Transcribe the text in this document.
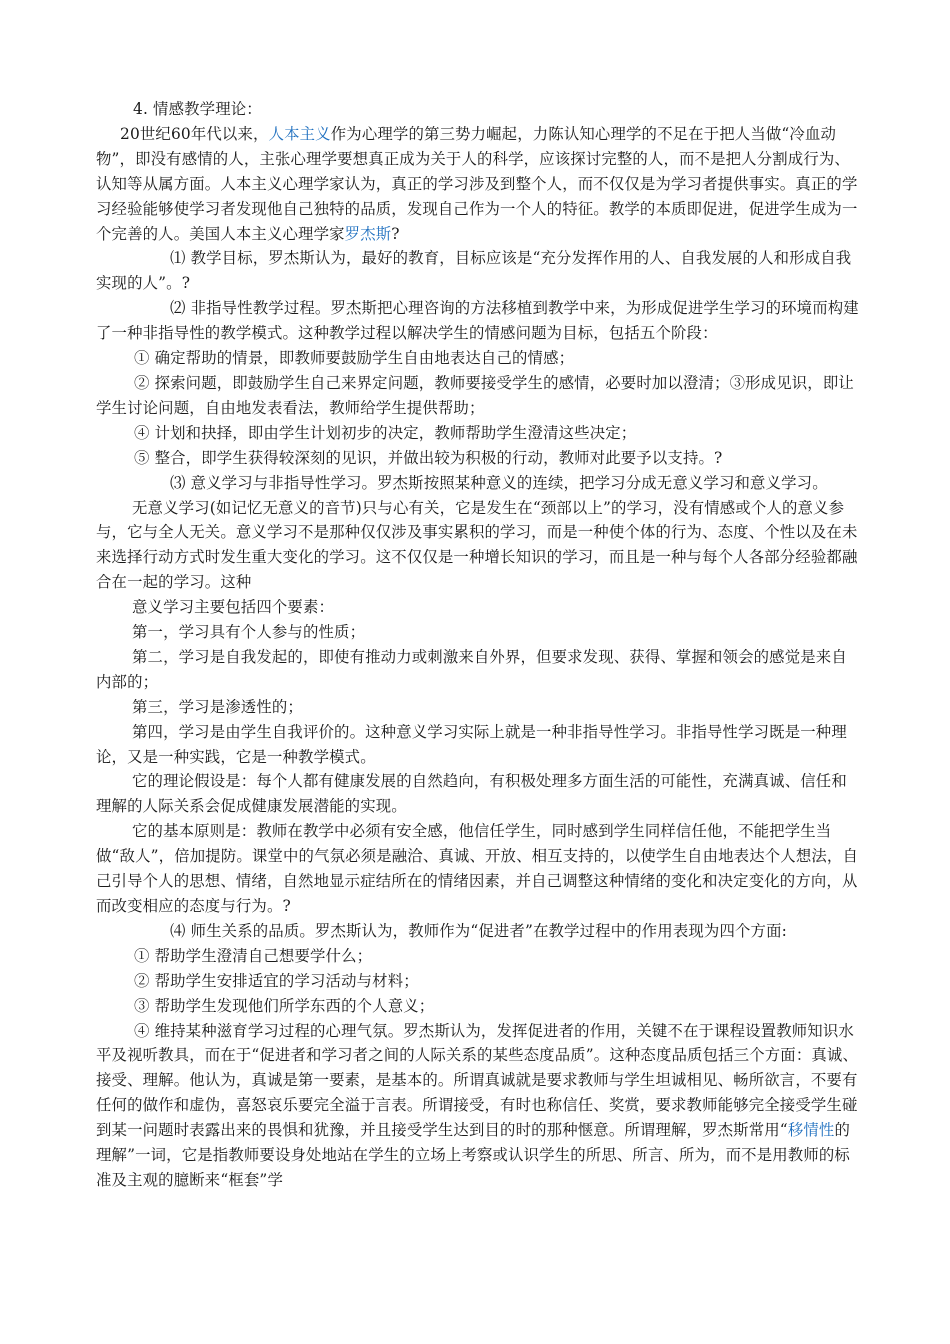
4. 情感教学理论：

20世纪60年代以来，人本主义作为心理学的第三势力崛起，力陈认知心理学的不足在于把人当做“冷血动物”，即没有感情的人，主张心理学要想真正成为关于人的科学，应该探讨完整的人，而不是把人分割成行为、认知等从属方面。人本主义心理学家认为，真正的学习涉及到整个人，而不仅仅是为学习者提供事实。真正的学习经验能够使学习者发现他自己独特的品质，发现自己作为一个人的特征。教学的本质即促进，促进学生成为一个完善的人。美国人本主义心理学家罗杰斯?

⑴ 教学目标，罗杰斯认为，最好的教育，目标应该是“充分发挥作用的人、自我发展的人和形成自我实现的人”。?

⑵ 非指导性教学过程。罗杰斯把心理咨询的方法移植到教学中来，为形成促进学生学习的环境而构建了一种非指导性的教学模式。这种教学过程以解决学生的情感问题为目标，包括五个阶段：

① 确定帮助的情景，即教师要鼓励学生自由地表达自己的情感；

② 探索问题，即鼓励学生自己来界定问题，教师要接受学生的感情，必要时加以澄清；③形成见识，即让学生讨论问题，自由地发表看法，教师给学生提供帮助；

④ 计划和抉择，即由学生计划初步的决定，教师帮助学生澄清这些决定；

⑤ 整合，即学生获得较深刻的见识，并做出较为积极的行动，教师对此要予以支持。?

⑶ 意义学习与非指导性学习。罗杰斯按照某种意义的连续，把学习分成无意义学习和意义学习。

无意义学习(如记忆无意义的音节)只与心有关，它是发生在“颈部以上”的学习，没有情感或个人的意义参与，它与全人无关。意义学习不是那种仅仅涉及事实累积的学习，而是一种使个体的行为、态度、个性以及在未来选择行动方式时发生重大变化的学习。这不仅仅是一种增长知识的学习，而且是一种与每个人各部分经验都融合在一起的学习。这种

意义学习主要包括四个要素：

第一，学习具有个人参与的性质；

第二，学习是自我发起的，即使有推动力或刺激来自外界，但要求发现、获得、掌握和领会的感觉是来自内部的；

第三，学习是渗透性的；

第四，学习是由学生自我评价的。这种意义学习实际上就是一种非指导性学习。非指导性学习既是一种理论，又是一种实践，它是一种教学模式。

它的理论假设是：每个人都有健康发展的自然趋向，有积极处理多方面生活的可能性，充满真诚、信任和理解的人际关系会促成健康发展潜能的实现。

它的基本原则是：教师在教学中必须有安全感，他信任学生，同时感到学生同样信任他，不能把学生当做“敌人”，倍加提防。课堂中的气氛必须是融洽、真诚、开放、相互支持的，以使学生自由地表达个人想法，自己引导个人的思想、情绪，自然地显示症结所在的情绪因素，并自己调整这种情绪的变化和决定变化的方向，从而改变相应的态度与行为。?

⑷ 师生关系的品质。罗杰斯认为，教师作为“促进者”在教学过程中的作用表现为四个方面:

① 帮助学生澄清自己想要学什么；

② 帮助学生安排适宜的学习活动与材料；

③ 帮助学生发现他们所学东西的个人意义；

④ 维持某种滋育学习过程的心理气氛。罗杰斯认为，发挥促进者的作用，关键不在于课程设置教师知识水平及视听教具，而在于“促进者和学习者之间的人际关系的某些态度品质”。这种态度品质包括三个方面：真诚、接受、理解。他认为，真诚是第一要素，是基本的。所谓真诚就是要求教师与学生坦诚相见、畅所欲言，不要有任何的做作和虚伪，喜怒哀乐要完全溢于言表。所谓接受，有时也称信任、奖赏，要求教师能够完全接受学生碰到某一问题时表露出来的畏惧和犹豫，并且接受学生达到目的时的那种惬意。所谓理解，罗杰斯常用“移情性的理解”一词，它是指教师要设身处地站在学生的立场上考察或认识学生的所思、所言、所为，而不是用教师的标准及主观的臆断来“框套”学
